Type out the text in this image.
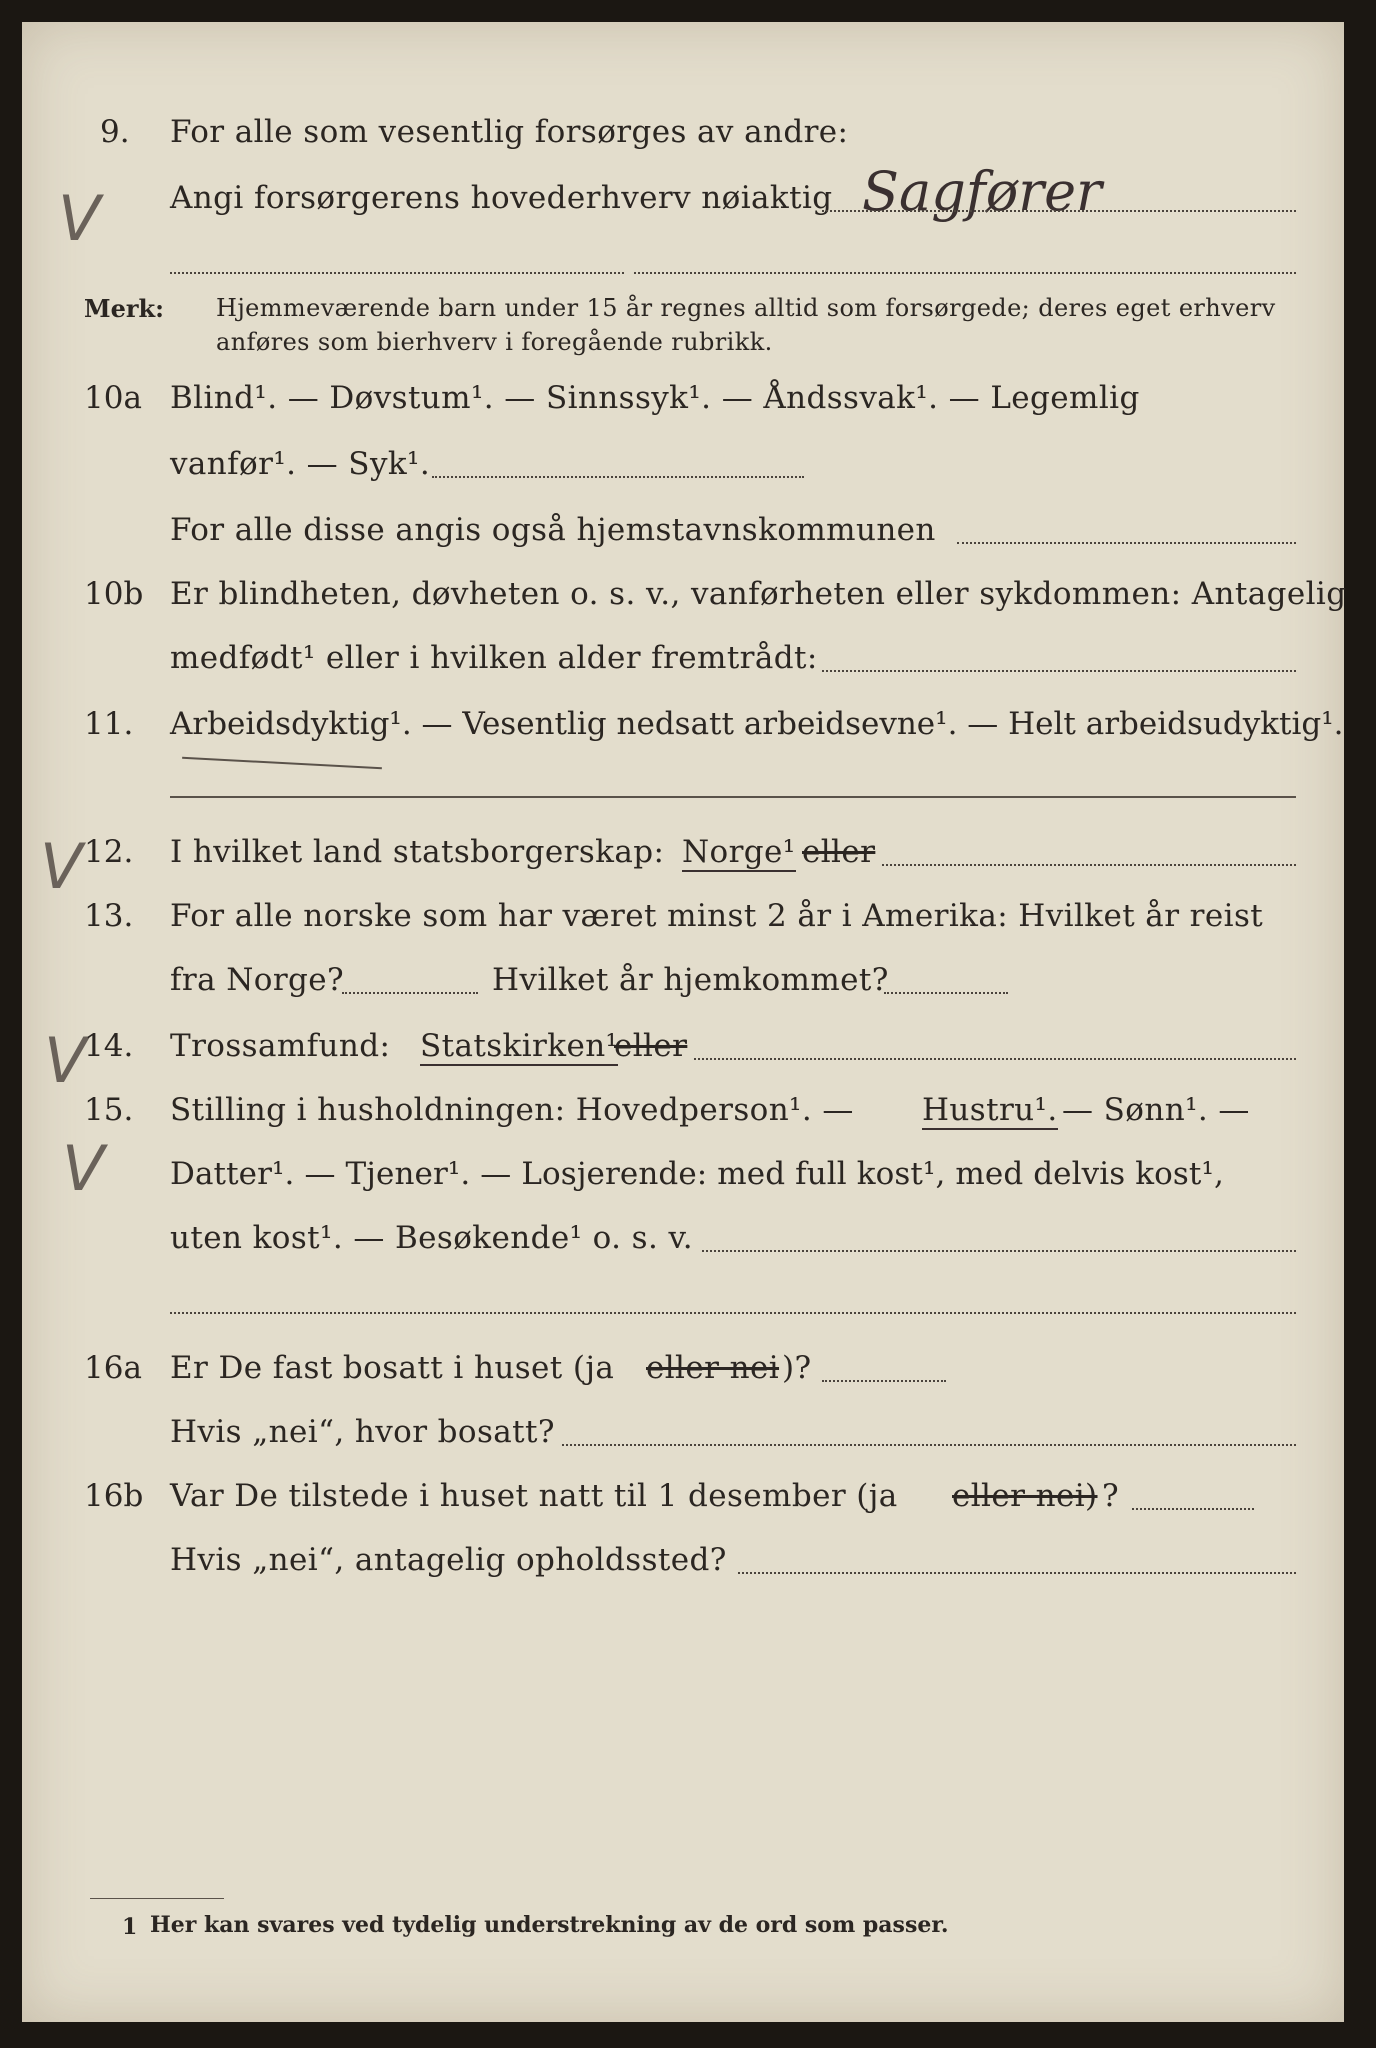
9. For alle som vesentlig forsørges av andre:
Angi forsørgerens hovederhverv nøiaktig Sagfører
V
Merk: Hjemmeværende barn under 15 år regnes alltid som forsørgede; deres eget erhverv
anføres som bierhverv i foregående rubrikk.
10a Blind¹. — Døvstum¹. — Sinnssyk¹. — Åndssvak¹. — Legemlig
vanfør¹. — Syk¹.
For alle disse angis også hjemstavnskommunen
10b Er blindheten, døvheten o. s. v., vanførheten eller sykdommen: Antagelig
medfødt¹ eller i hvilken alder fremtrådt:
11. Arbeidsdyktig¹. — Vesentlig nedsatt arbeidsevne¹. — Helt arbeidsudyktig¹.
V 12. I hvilket land statsborgerskap: Norge¹ eller
13. For alle norske som har været minst 2 år i Amerika: Hvilket år reist
fra Norge?	Hvilket år hjemkommet?
V
14. Trossamfund: Statskirken¹
eller
15. Stilling i husholdningen: Hovedperson¹. — Hustru¹. — Sønn¹. —
V Datter¹. — Tjener¹. — Losjerende: med full kost¹, med delvis kost¹,
uten kost¹. — Besøkende¹ o. s. v.
16a Er De fast bosatt i huset (ja eller nei )?
Hvis „nei“, hvor bosatt?
16b Var De tilstede i huset natt til 1 desember (ja eller nei) ?
Hvis „nei“, antagelig opholdssted?
1 Her kan svares ved tydelig understrekning av de ord som passer.
